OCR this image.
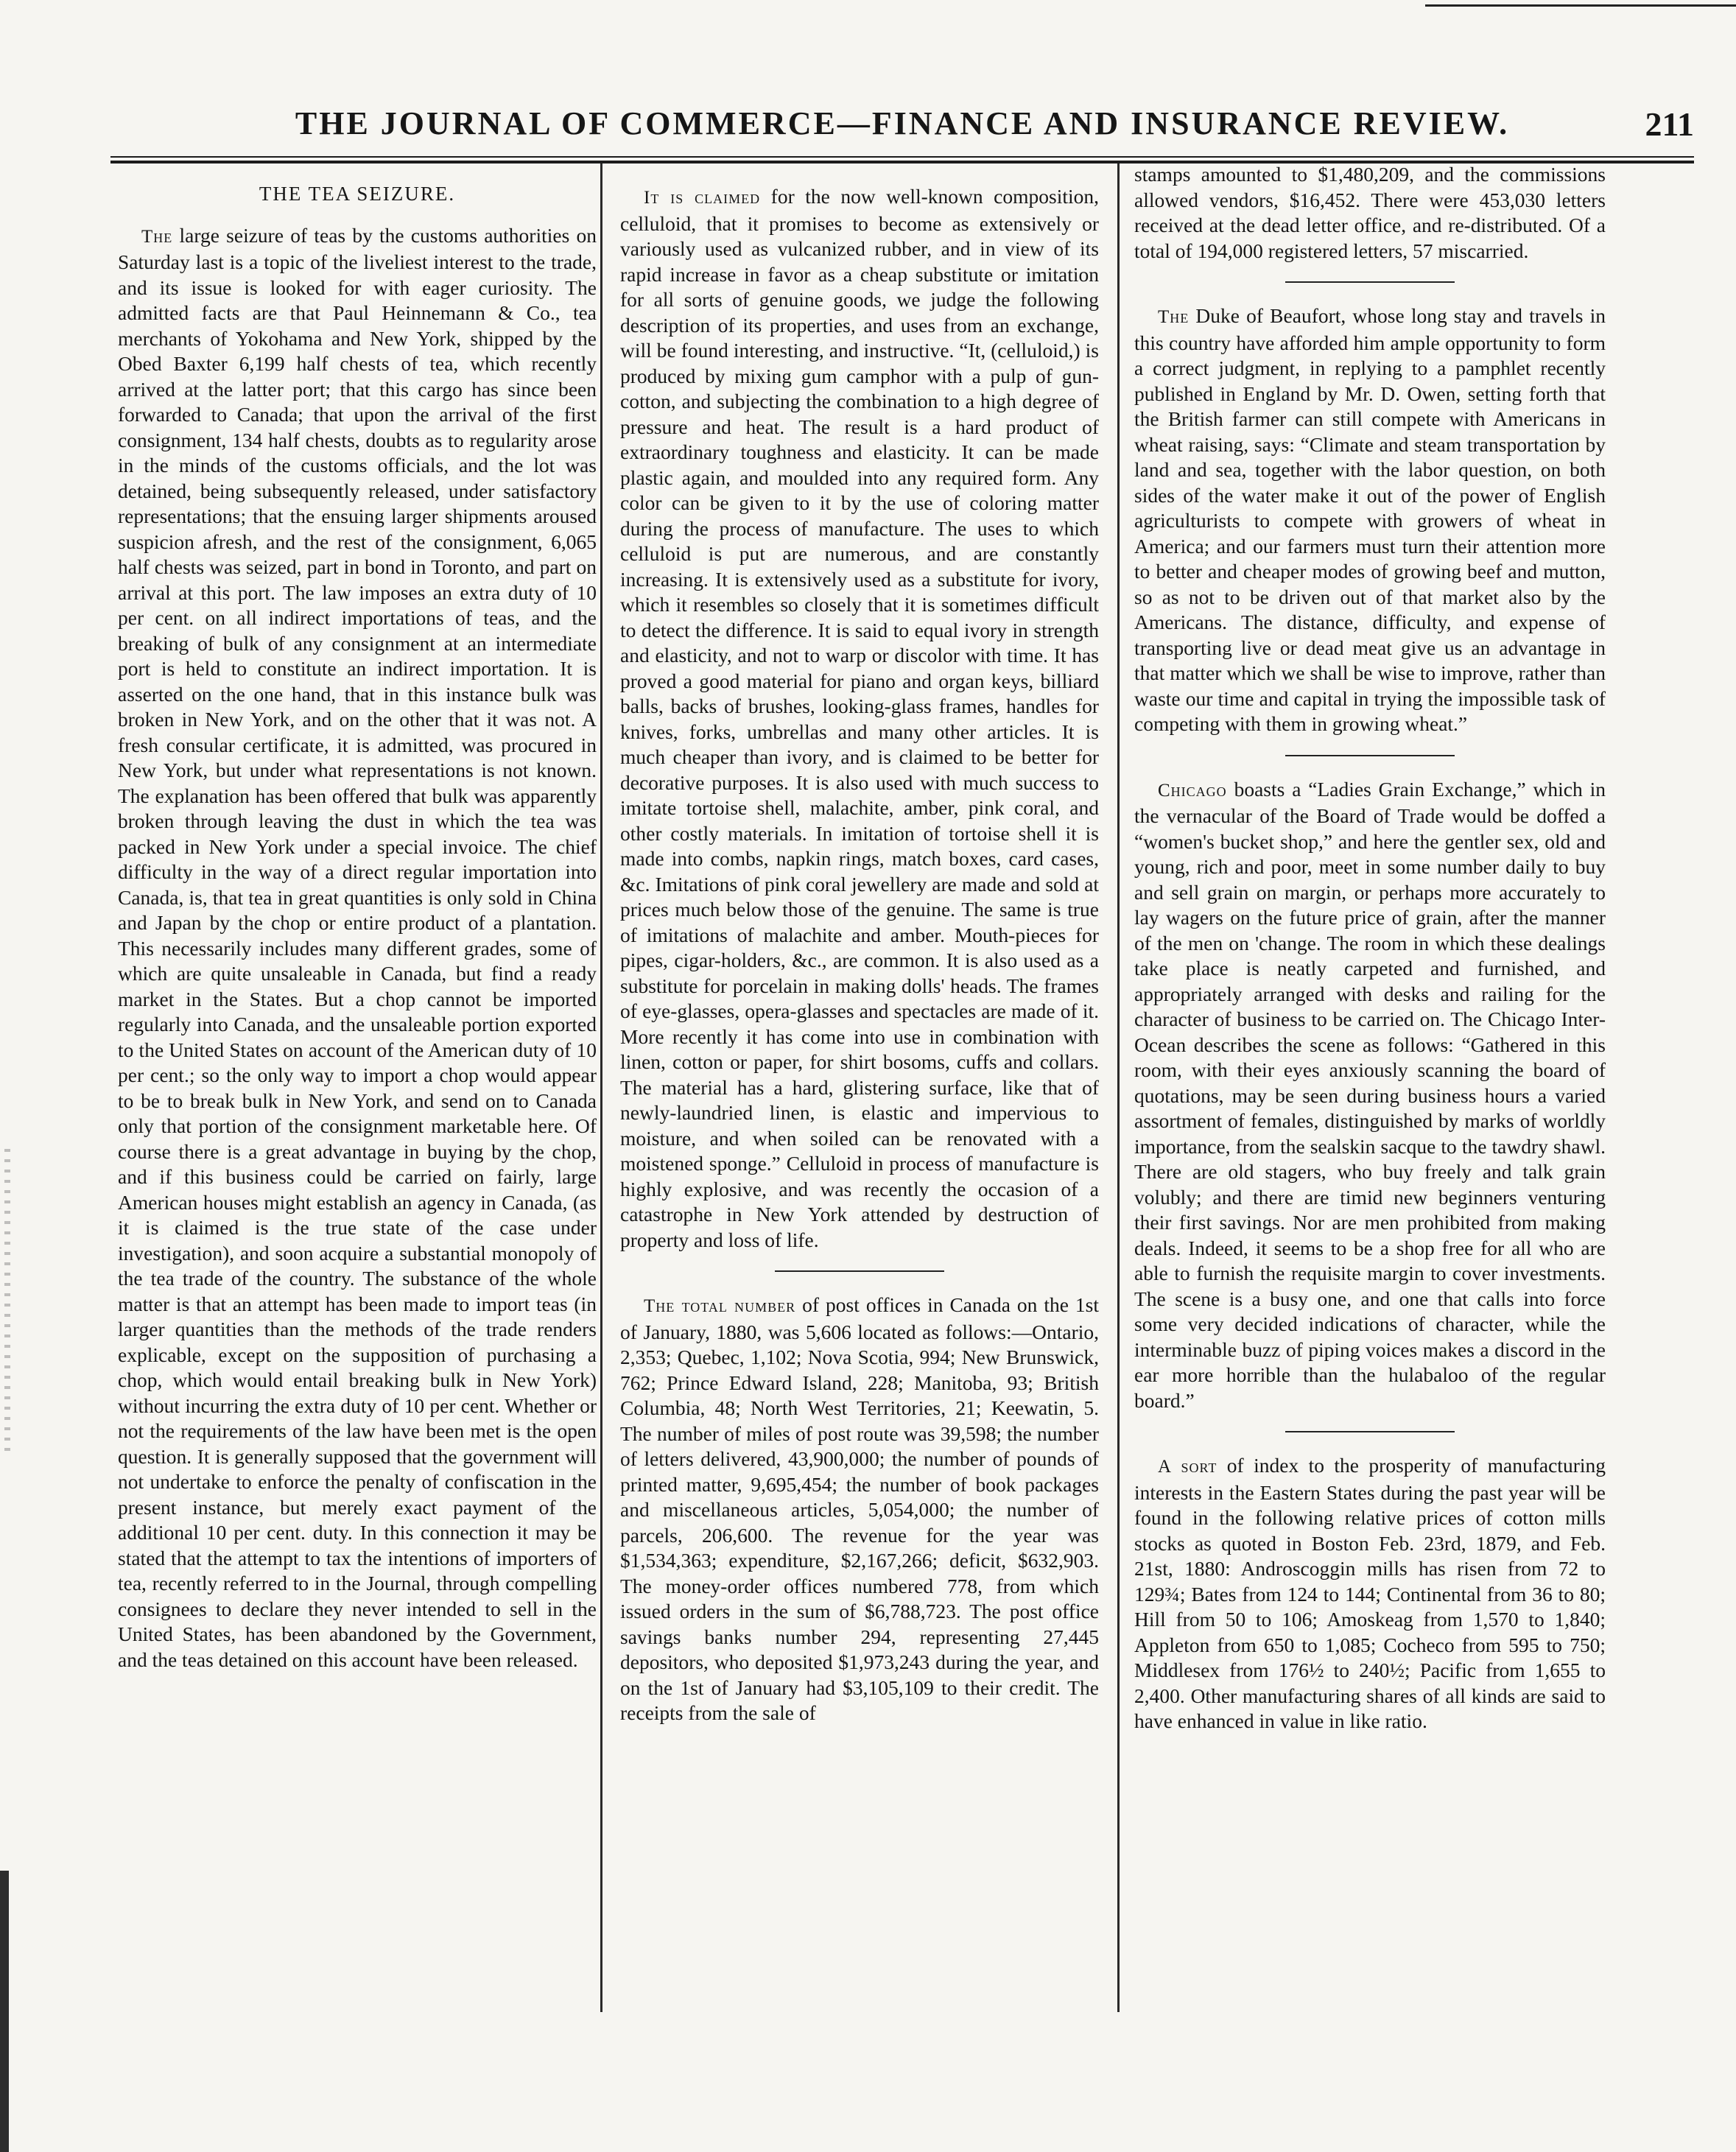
THE JOURNAL OF COMMERCE—FINANCE AND INSURANCE REVIEW.	211

THE TEA SEIZURE.

The large seizure of teas by the customs authorities on Saturday last is a topic of the liveliest interest to the trade, and its issue is looked for with eager curiosity. The admitted facts are that Paul Heinnemann & Co., tea merchants of Yokohama and New York, shipped by the Obed Baxter 6,199 half chests of tea, which recently arrived at the latter port; that this cargo has since been forwarded to Canada; that upon the arrival of the first consignment, 134 half chests, doubts as to regularity arose in the minds of the customs officials, and the lot was detained, being subsequently released, under satisfactory representations; that the ensuing larger shipments aroused suspicion afresh, and the rest of the consignment, 6,065 half chests was seized, part in bond in Toronto, and part on arrival at this port. The law imposes an extra duty of 10 per cent. on all indirect importations of teas, and the breaking of bulk of any consignment at an intermediate port is held to constitute an indirect importation. It is asserted on the one hand, that in this instance bulk was broken in New York, and on the other that it was not. A fresh consular certificate, it is admitted, was procured in New York, but under what representations is not known. The explanation has been offered that bulk was apparently broken through leaving the dust in which the tea was packed in New York under a special invoice. The chief difficulty in the way of a direct regular importation into Canada, is, that tea in great quantities is only sold in China and Japan by the chop or entire product of a plantation. This necessarily includes many different grades, some of which are quite unsaleable in Canada, but find a ready market in the States. But a chop cannot be imported regularly into Canada, and the unsaleable portion exported to the United States on account of the American duty of 10 per cent.; so the only way to import a chop would appear to be to break bulk in New York, and send on to Canada only that portion of the consignment marketable here. Of course there is a great advantage in buying by the chop, and if this business could be carried on fairly, large American houses might establish an agency in Canada, (as it is claimed is the true state of the case under investigation), and soon acquire a substantial monopoly of the tea trade of the country. The substance of the whole matter is that an attempt has been made to import teas (in larger quantities than the methods of the trade renders explicable, except on the supposition of purchasing a chop, which would entail breaking bulk in New York) without incurring the extra duty of 10 per cent. Whether or not the requirements of the law have been met is the open question. It is generally supposed that the government will not undertake to enforce the penalty of confiscation in the present instance, but merely exact payment of the additional 10 per cent. duty. In this connection it may be stated that the attempt to tax the intentions of importers of tea, recently referred to in the Journal, through compelling consignees to declare they never intended to sell in the United States, has been abandoned by the Government, and the teas detained on this account have been released.

It is claimed for the now well-known composition, celluloid, that it promises to become as extensively or variously used as vulcanized rubber, and in view of its rapid increase in favor as a cheap substitute or imitation for all sorts of genuine goods, we judge the following description of its properties, and uses from an exchange, will be found interesting, and instructive. “It, (celluloid,) is produced by mixing gum camphor with a pulp of gun-cotton, and subjecting the combination to a high degree of pressure and heat. The result is a hard product of extraordinary toughness and elasticity. It can be made plastic again, and moulded into any required form. Any color can be given to it by the use of coloring matter during the process of manufacture. The uses to which celluloid is put are numerous, and are constantly increasing. It is extensively used as a substitute for ivory, which it resembles so closely that it is sometimes difficult to detect the difference. It is said to equal ivory in strength and elasticity, and not to warp or discolor with time. It has proved a good material for piano and organ keys, billiard balls, backs of brushes, looking-glass frames, handles for knives, forks, umbrellas and many other articles. It is much cheaper than ivory, and is claimed to be better for decorative purposes. It is also used with much success to imitate tortoise shell, malachite, amber, pink coral, and other costly materials. In imitation of tortoise shell it is made into combs, napkin rings, match boxes, card cases, &c. Imitations of pink coral jewellery are made and sold at prices much below those of the genuine. The same is true of imitations of malachite and amber. Mouth-pieces for pipes, cigar-holders, &c., are common. It is also used as a substitute for porcelain in making dolls' heads. The frames of eye-glasses, opera-glasses and spectacles are made of it. More recently it has come into use in combination with linen, cotton or paper, for shirt bosoms, cuffs and collars. The material has a hard, glistering surface, like that of newly-laundried linen, is elastic and impervious to moisture, and when soiled can be renovated with a moistened sponge.” Celluloid in process of manufacture is highly explosive, and was recently the occasion of a catastrophe in New York attended by destruction of property and loss of life.

The total number of post offices in Canada on the 1st of January, 1880, was 5,606 located as follows:—Ontario, 2,353; Quebec, 1,102; Nova Scotia, 994; New Brunswick, 762; Prince Edward Island, 228; Manitoba, 93; British Columbia, 48; North West Territories, 21; Keewatin, 5. The number of miles of post route was 39,598; the number of letters delivered, 43,900,000; the number of pounds of printed matter, 9,695,454; the number of book packages and miscellaneous articles, 5,054,000; the number of parcels, 206,600. The revenue for the year was $1,534,363; expenditure, $2,167,266; deficit, $632,903. The money-order offices numbered 778, from which issued orders in the sum of $6,788,723. The post office savings banks number 294, representing 27,445 depositors, who deposited $1,973,243 during the year, and on the 1st of January had $3,105,109 to their credit. The receipts from the sale of

stamps amounted to $1,480,209, and the commissions allowed vendors, $16,452. There were 453,030 letters received at the dead letter office, and re-distributed. Of a total of 194,000 registered letters, 57 miscarried.

The Duke of Beaufort, whose long stay and travels in this country have afforded him ample opportunity to form a correct judgment, in replying to a pamphlet recently published in England by Mr. D. Owen, setting forth that the British farmer can still compete with Americans in wheat raising, says: “Climate and steam transportation by land and sea, together with the labor question, on both sides of the water make it out of the power of English agriculturists to compete with growers of wheat in America; and our farmers must turn their attention more to better and cheaper modes of growing beef and mutton, so as not to be driven out of that market also by the Americans. The distance, difficulty, and expense of transporting live or dead meat give us an advantage in that matter which we shall be wise to improve, rather than waste our time and capital in trying the impossible task of competing with them in growing wheat.”

Chicago boasts a “Ladies Grain Exchange,” which in the vernacular of the Board of Trade would be doffed a “women's bucket shop,” and here the gentler sex, old and young, rich and poor, meet in some number daily to buy and sell grain on margin, or perhaps more accurately to lay wagers on the future price of grain, after the manner of the men on 'change. The room in which these dealings take place is neatly carpeted and furnished, and appropriately arranged with desks and railing for the character of business to be carried on. The Chicago Inter-Ocean describes the scene as follows: “Gathered in this room, with their eyes anxiously scanning the board of quotations, may be seen during business hours a varied assortment of females, distinguished by marks of worldly importance, from the sealskin sacque to the tawdry shawl. There are old stagers, who buy freely and talk grain volubly; and there are timid new beginners venturing their first savings. Nor are men prohibited from making deals. Indeed, it seems to be a shop free for all who are able to furnish the requisite margin to cover investments. The scene is a busy one, and one that calls into force some very decided indications of character, while the interminable buzz of piping voices makes a discord in the ear more horrible than the hulabaloo of the regular board.”

A sort of index to the prosperity of manufacturing interests in the Eastern States during the past year will be found in the following relative prices of cotton mills stocks as quoted in Boston Feb. 23rd, 1879, and Feb. 21st, 1880: Androscoggin mills has risen from 72 to 129¾; Bates from 124 to 144; Continental from 36 to 80; Hill from 50 to 106; Amoskeag from 1,570 to 1,840; Appleton from 650 to 1,085; Cocheco from 595 to 750; Middlesex from 176½ to 240½; Pacific from 1,655 to 2,400. Other manufacturing shares of all kinds are said to have enhanced in value in like ratio.
